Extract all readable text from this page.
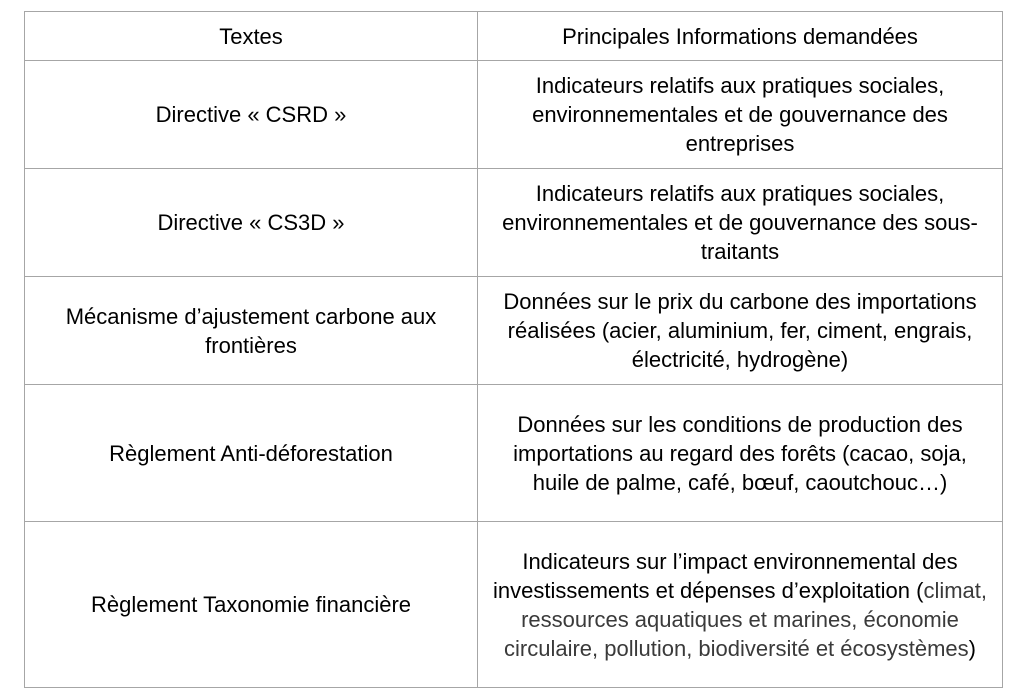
Textes	Principales Informations demandées
Directive « CSRD »	Indicateurs relatifs aux pratiques sociales, environnementales et de gouvernance des entreprises
Directive « CS3D »	Indicateurs relatifs aux pratiques sociales, environnementales et de gouvernance des sous-traitants
Mécanisme d’ajustement carbone aux frontières	Données sur le prix du carbone des importations réalisées (acier, aluminium, fer, ciment, engrais, électricité, hydrogène)
Règlement Anti-déforestation	Données sur les conditions de production des importations au regard des forêts (cacao, soja, huile de palme, café, bœuf, caoutchouc…)
Règlement Taxonomie financière	Indicateurs sur l’impact environnemental des investissements et dépenses d’exploitation (climat, ressources aquatiques et marines, économie circulaire, pollution, biodiversité et écosystèmes)
